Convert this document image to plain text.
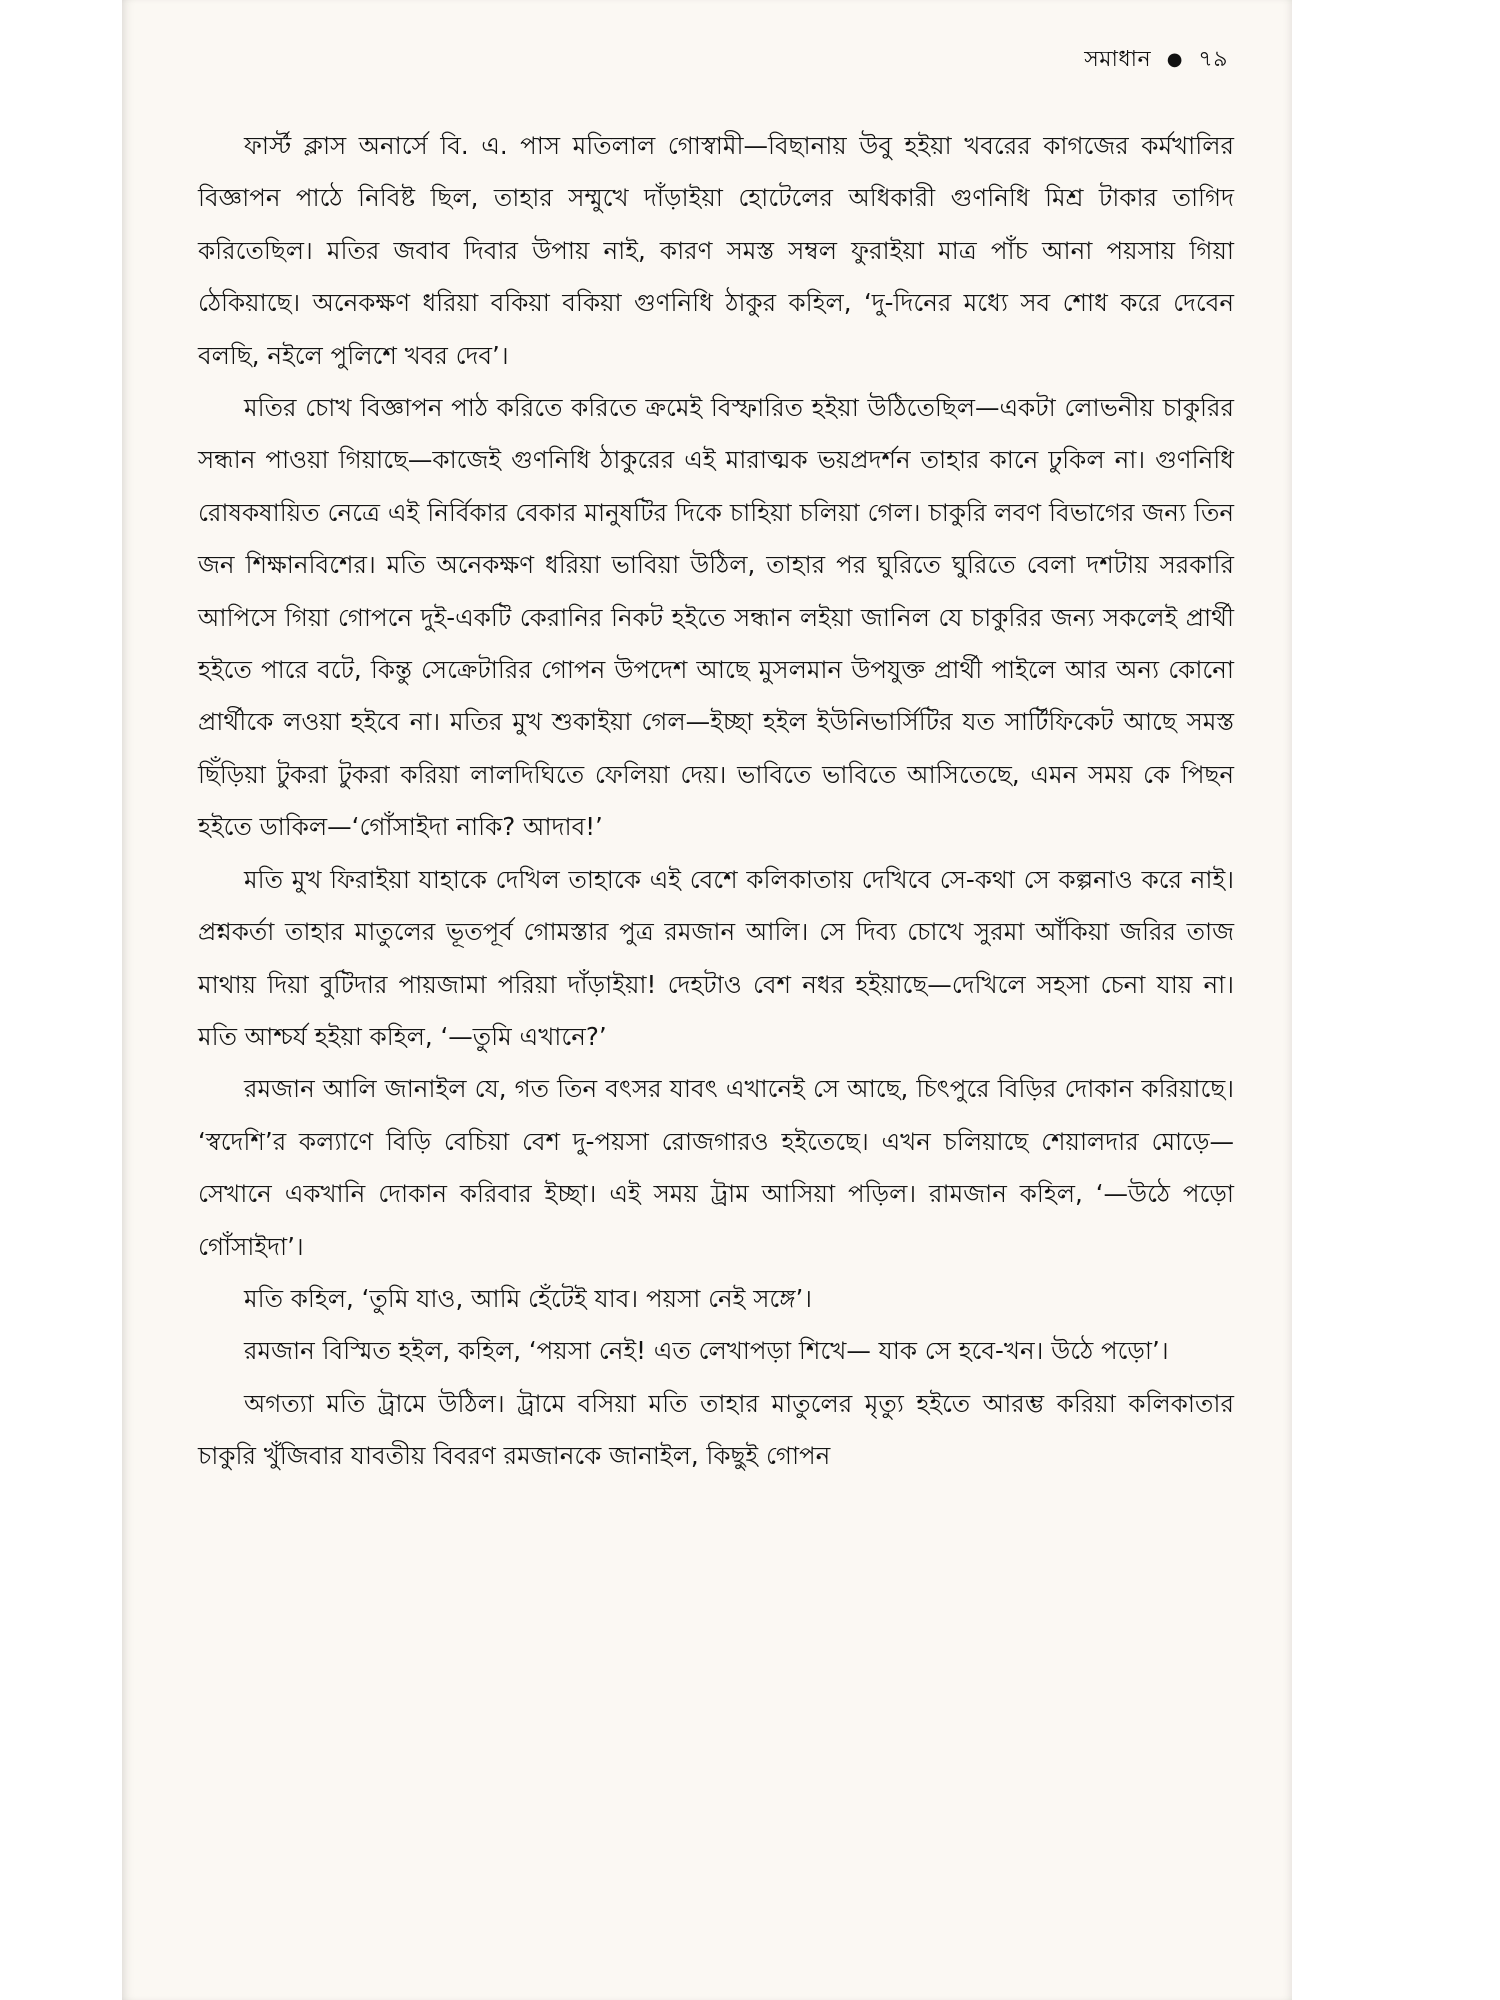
সমাধান ● ৭৯

ফার্স্ট ক্লাস অনার্সে বি. এ. পাস মতিলাল গোস্বামী—বিছানায় উবু হইয়া খবরের কাগজের কর্মখালির বিজ্ঞাপন পাঠে নিবিষ্ট ছিল, তাহার সম্মুখে দাঁড়াইয়া হোটেলের অধিকারী গুণনিধি মিশ্র টাকার তাগিদ করিতেছিল। মতির জবাব দিবার উপায় নাই, কারণ সমস্ত সম্বল ফুরাইয়া মাত্র পাঁচ আনা পয়সায় গিয়া ঠেকিয়াছে। অনেকক্ষণ ধরিয়া বকিয়া বকিয়া গুণনিধি ঠাকুর কহিল, ‘দু-দিনের মধ্যে সব শোধ করে দেবেন বলছি, নইলে পুলিশে খবর দেব’।

মতির চোখ বিজ্ঞাপন পাঠ করিতে করিতে ক্রমেই বিস্ফারিত হইয়া উঠিতেছিল—একটা লোভনীয় চাকুরির সন্ধান পাওয়া গিয়াছে—কাজেই গুণনিধি ঠাকুরের এই মারাত্মক ভয়প্রদর্শন তাহার কানে ঢুকিল না। গুণনিধি রোষকষায়িত নেত্রে এই নির্বিকার বেকার মানুষটির দিকে চাহিয়া চলিয়া গেল। চাকুরি লবণ বিভাগের জন্য তিন জন শিক্ষানবিশের। মতি অনেকক্ষণ ধরিয়া ভাবিয়া উঠিল, তাহার পর ঘুরিতে ঘুরিতে বেলা দশটায় সরকারি আপিসে গিয়া গোপনে দুই-একটি কেরানির নিকট হইতে সন্ধান লইয়া জানিল যে চাকুরির জন্য সকলেই প্রার্থী হইতে পারে বটে, কিন্তু সেক্রেটারির গোপন উপদেশ আছে মুসলমান উপযুক্ত প্রার্থী পাইলে আর অন্য কোনো প্রার্থীকে লওয়া হইবে না। মতির মুখ শুকাইয়া গেল—ইচ্ছা হইল ইউনিভার্সিটির যত সার্টিফিকেট আছে সমস্ত ছিঁড়িয়া টুকরা টুকরা করিয়া লালদিঘিতে ফেলিয়া দেয়। ভাবিতে ভাবিতে আসিতেছে, এমন সময় কে পিছন হইতে ডাকিল—‘গোঁসাইদা নাকি? আদাব!’

মতি মুখ ফিরাইয়া যাহাকে দেখিল তাহাকে এই বেশে কলিকাতায় দেখিবে সে-কথা সে কল্পনাও করে নাই। প্রশ্নকর্তা তাহার মাতুলের ভূতপূর্ব গোমস্তার পুত্র রমজান আলি। সে দিব্য চোখে সুরমা আঁকিয়া জরির তাজ মাথায় দিয়া বুটিদার পায়জামা পরিয়া দাঁড়াইয়া! দেহটাও বেশ নধর হইয়াছে—দেখিলে সহসা চেনা যায় না। মতি আশ্চর্য হইয়া কহিল, ‘—তুমি এখানে?’

রমজান আলি জানাইল যে, গত তিন বৎসর যাবৎ এখানেই সে আছে, চিৎপুরে বিড়ির দোকান করিয়াছে। ‘স্বদেশি’র কল্যাণে বিড়ি বেচিয়া বেশ দু-পয়সা রোজগারও হইতেছে। এখন চলিয়াছে শেয়ালদার মোড়ে—সেখানে একখানি দোকান করিবার ইচ্ছা। এই সময় ট্রাম আসিয়া পড়িল। রামজান কহিল, ‘—উঠে পড়ো গোঁসাইদা’।

মতি কহিল, ‘তুমি যাও, আমি হেঁটেই যাব। পয়সা নেই সঙ্গে’।

রমজান বিস্মিত হইল, কহিল, ‘পয়সা নেই! এত লেখাপড়া শিখে— যাক সে হবে-খন। উঠে পড়ো’।

অগত্যা মতি ট্রামে উঠিল। ট্রামে বসিয়া মতি তাহার মাতুলের মৃত্যু হইতে আরম্ভ করিয়া কলিকাতার চাকুরি খুঁজিবার যাবতীয় বিবরণ রমজানকে জানাইল, কিছুই গোপন
